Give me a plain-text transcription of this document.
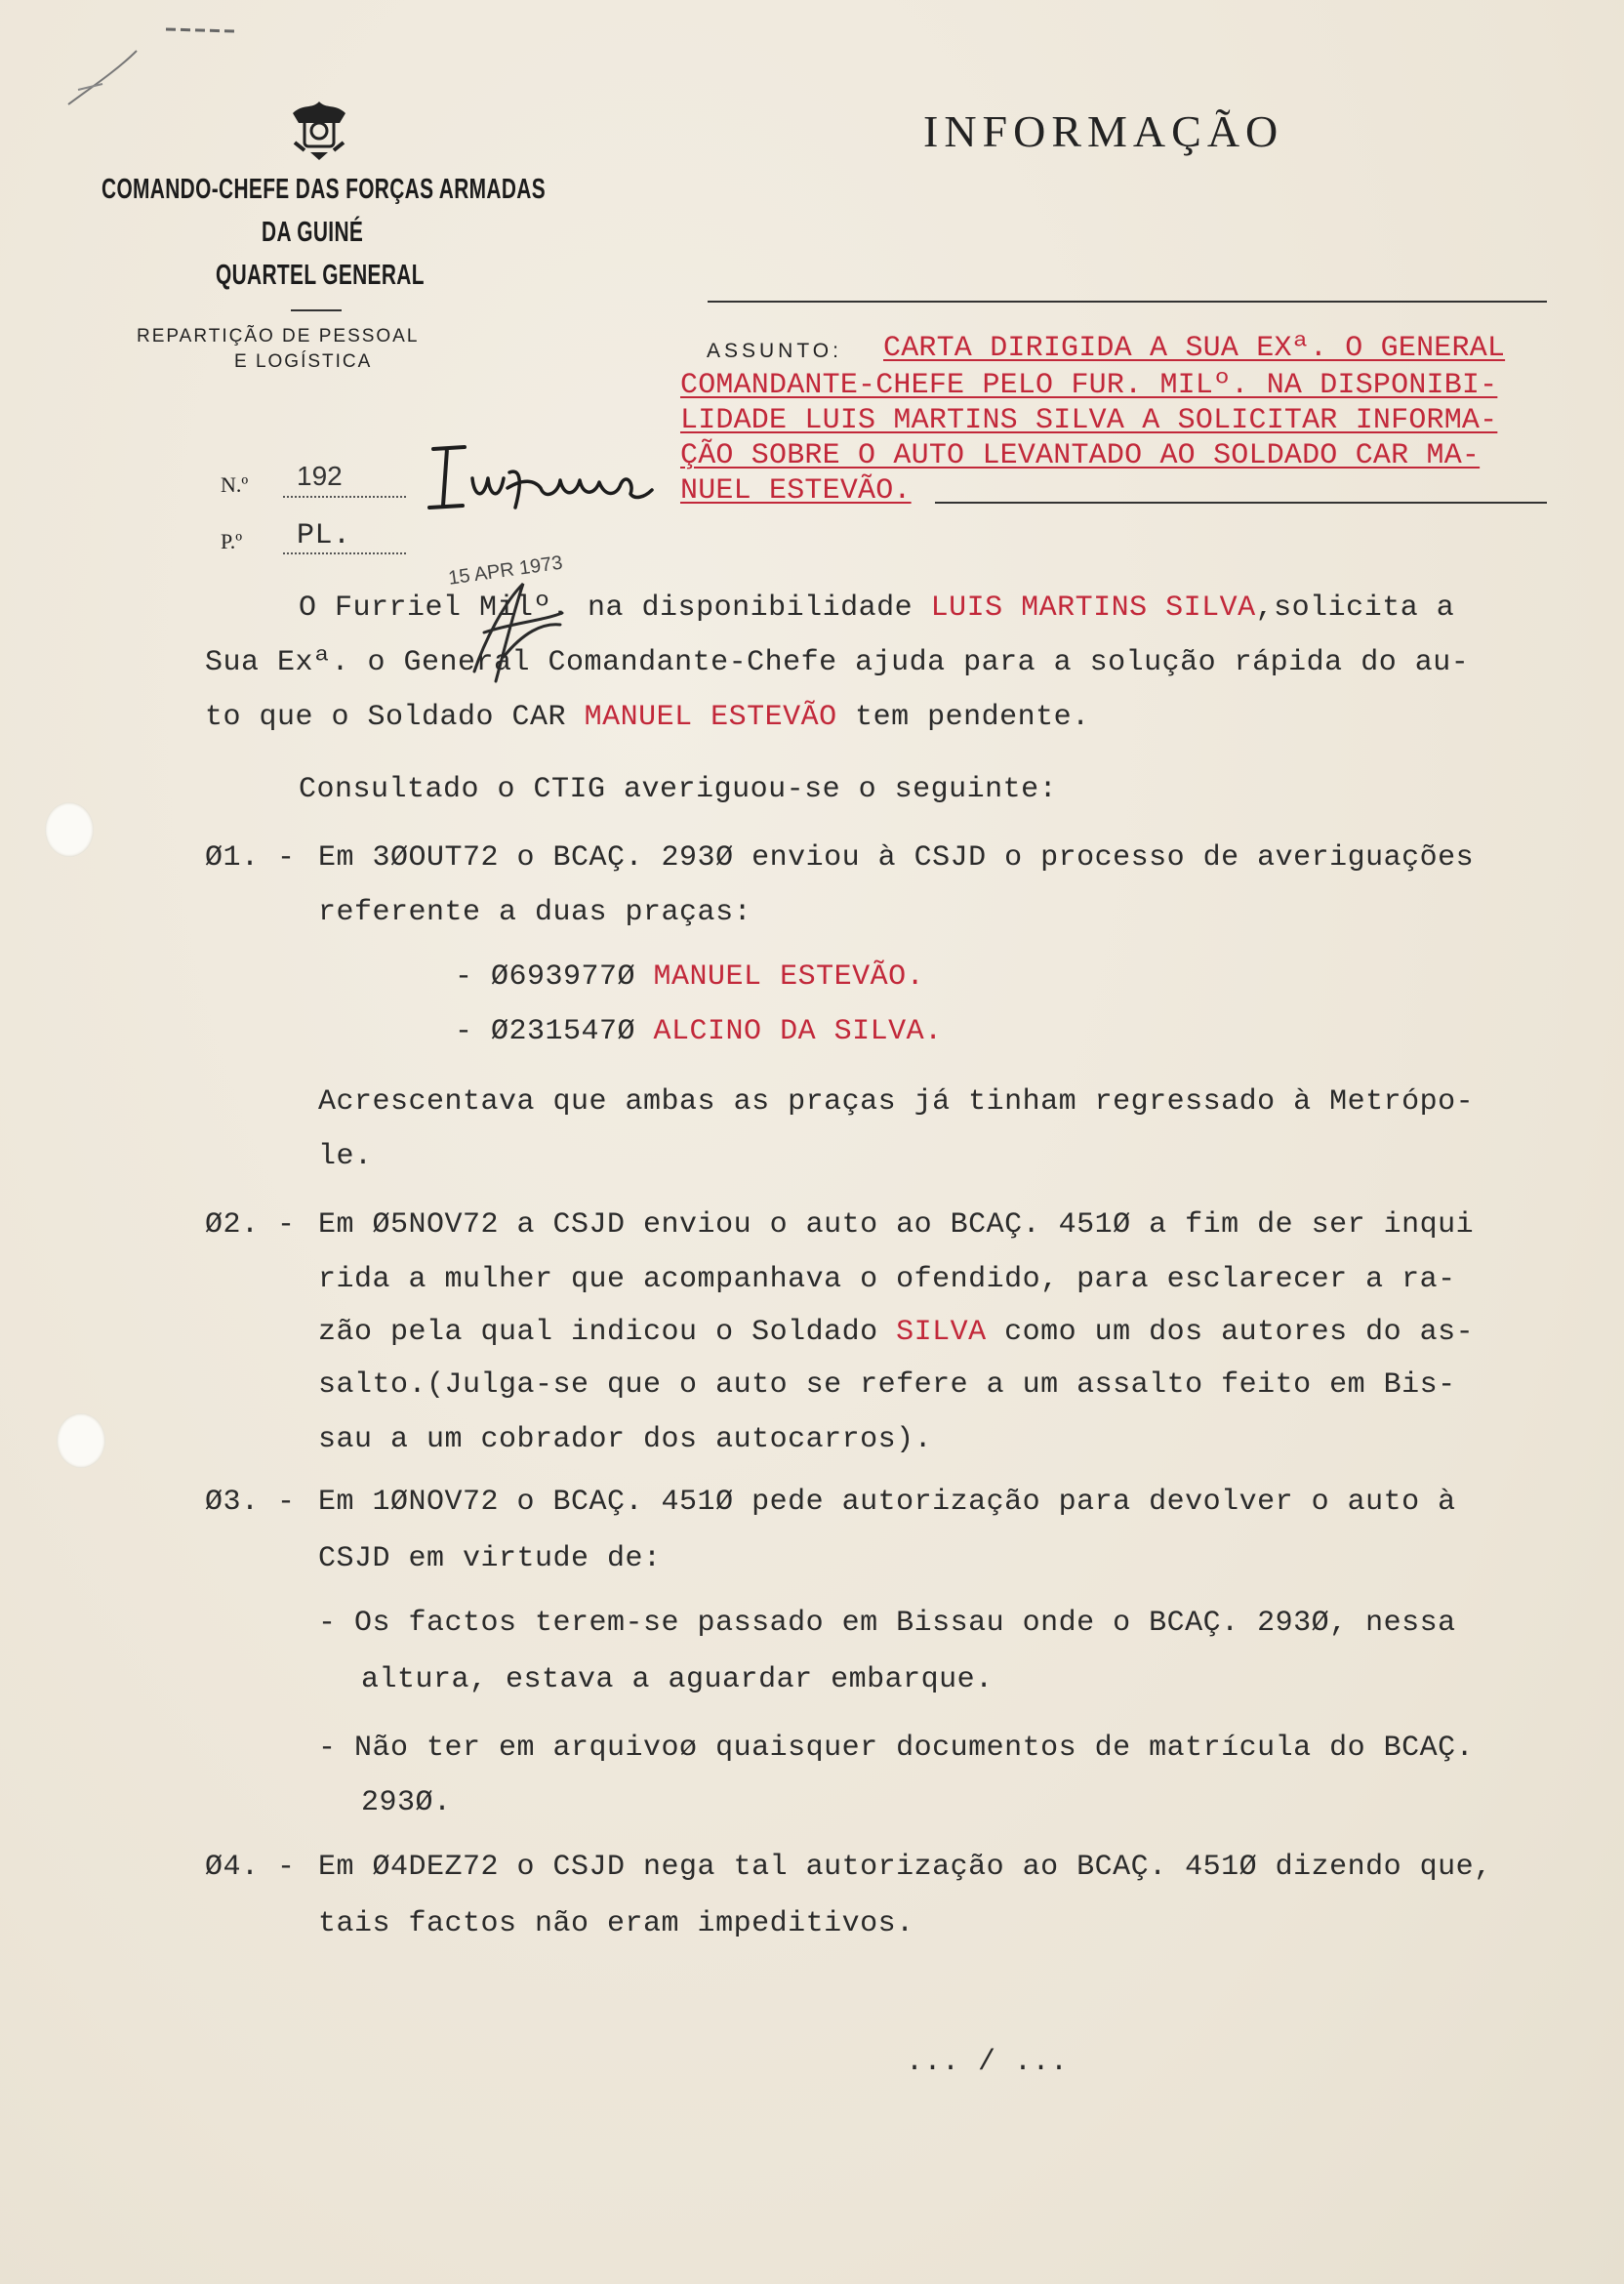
COMANDO-CHEFE DAS FORÇAS ARMADAS
DA GUINÉ
QUARTEL GENERAL
REPARTIÇÃO DE PESSOAL
E LOGÍSTICA
N.º 192
P.º PL.
INFORMAÇÃO
ASSUNTO: CARTA DIRIGIDA A SUA EXª. O GENERAL
COMANDANTE-CHEFE PELO FUR. MILº. NA DISPONIBI-
LIDADE LUIS MARTINS SILVA A SOLICITAR INFORMA-
ÇÃO SOBRE O AUTO LEVANTADO AO SOLDADO CAR MA-
NUEL ESTEVÃO.
15 APR 1973
O Furriel Milº. na disponibilidade LUIS MARTINS SILVA,solicita a
Sua Exª. o General Comandante-Chefe ajuda para a solução rápida do au-
to que o Soldado CAR MANUEL ESTEVÃO tem pendente.
Consultado o CTIG averiguou-se o seguinte:
Ø1. - Em 3ØOUT72 o BCAÇ. 293Ø enviou à CSJD o processo de averiguações
referente a duas praças:
- Ø693977Ø MANUEL ESTEVÃO.
- Ø231547Ø ALCINO DA SILVA.
Acrescentava que ambas as praças já tinham regressado à Metrópo-
le.
Ø2. - Em Ø5NOV72 a CSJD enviou o auto ao BCAÇ. 451Ø a fim de ser inqui
rida a mulher que acompanhava o ofendido, para esclarecer a ra-
zão pela qual indicou o Soldado SILVA como um dos autores do as-
salto.(Julga-se que o auto se refere a um assalto feito em Bis-
sau a um cobrador dos autocarros).
Ø3. - Em 1ØNOV72 o BCAÇ. 451Ø pede autorização para devolver o auto à
CSJD em virtude de:
- Os factos terem-se passado em Bissau onde o BCAÇ. 293Ø, nessa
altura, estava a aguardar embarque.
- Não ter em arquivoø quaisquer documentos de matrícula do BCAÇ.
293Ø.
Ø4. - Em Ø4DEZ72 o CSJD nega tal autorização ao BCAÇ. 451Ø dizendo que,
tais factos não eram impeditivos.
... / ...
